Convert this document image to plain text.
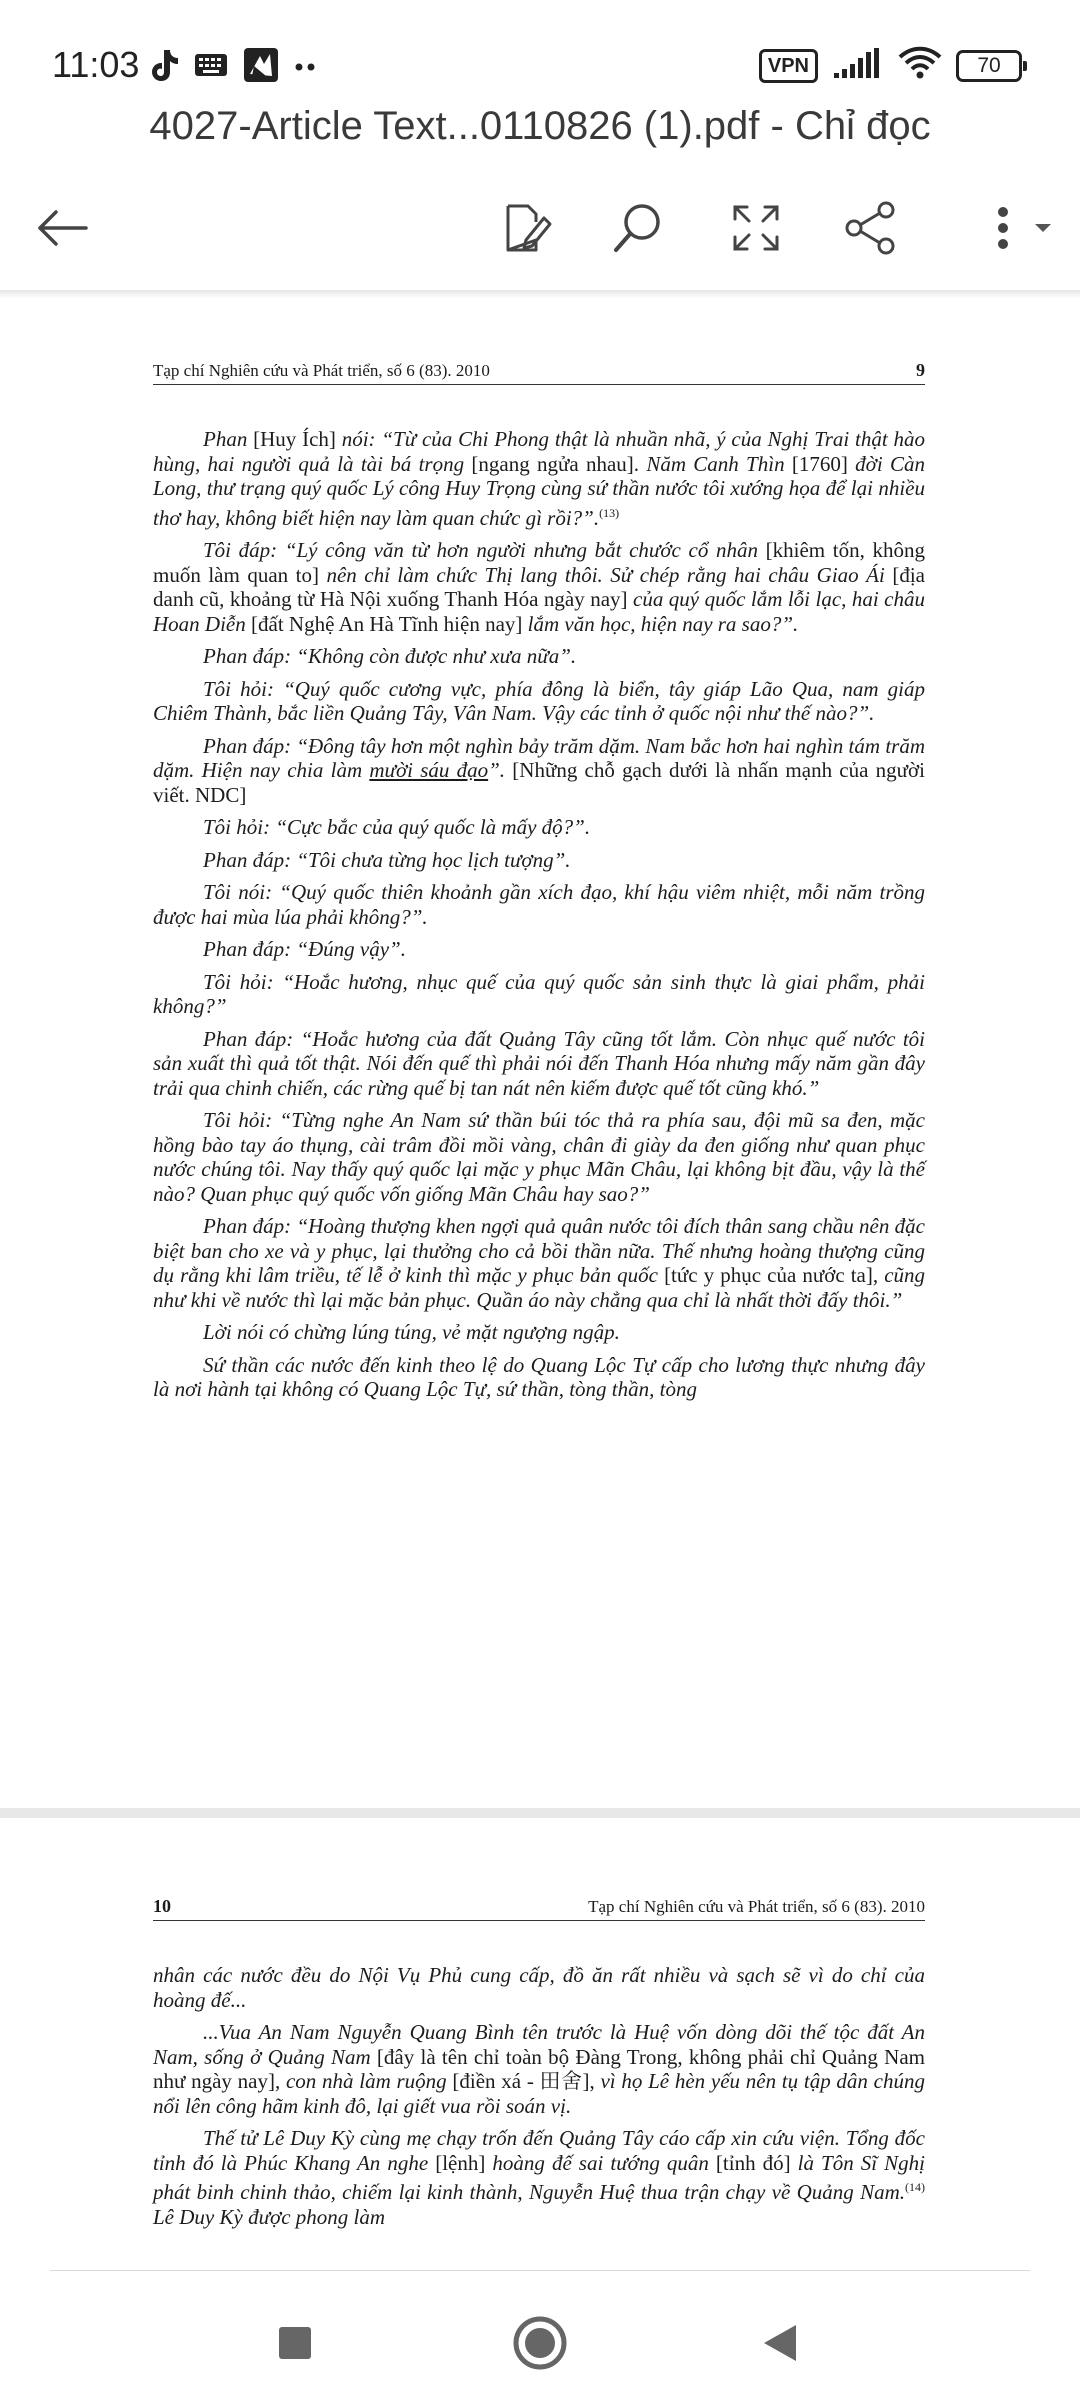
11:03	VPN	70
4027-Article Text...0110826 (1).pdf - Chỉ đọc
Tạp chí Nghiên cứu và Phát triển, số 6 (83). 2010	9

Phan [Huy Ích] nói: “Từ của Chi Phong thật là nhuần nhã, ý của Nghị Trai thật hào hùng, hai người quả là tài bá trọng [ngang ngửa nhau]. Năm Canh Thìn [1760] đời Càn Long, thư trạng quý quốc Lý công Huy Trọng cùng sứ thần nước tôi xướng họa để lại nhiều thơ hay, không biết hiện nay làm quan chức gì rồi?”.$^{(13)}$

Tôi đáp: “Lý công văn từ hơn người nhưng bắt chước cổ nhân [khiêm tốn, không muốn làm quan to] nên chỉ làm chức Thị lang thôi. Sử chép rằng hai châu Giao Ái [địa danh cũ, khoảng từ Hà Nội xuống Thanh Hóa ngày nay] của quý quốc lắm lỗi lạc, hai châu Hoan Diễn [đất Nghệ An Hà Tĩnh hiện nay] lắm văn học, hiện nay ra sao?”.

Phan đáp: “Không còn được như xưa nữa”.

Tôi hỏi: “Quý quốc cương vực, phía đông là biển, tây giáp Lão Qua, nam giáp Chiêm Thành, bắc liền Quảng Tây, Vân Nam. Vậy các tỉnh ở quốc nội như thế nào?”.

Phan đáp: “Đông tây hơn một nghìn bảy trăm dặm. Nam bắc hơn hai nghìn tám trăm dặm. Hiện nay chia làm mười sáu đạo”. [Những chỗ gạch dưới là nhấn mạnh của người viết. NDC]

Tôi hỏi: “Cực bắc của quý quốc là mấy độ?”.

Phan đáp: “Tôi chưa từng học lịch tượng”.

Tôi nói: “Quý quốc thiên khoảnh gần xích đạo, khí hậu viêm nhiệt, mỗi năm trồng được hai mùa lúa phải không?”.

Phan đáp: “Đúng vậy”.

Tôi hỏi: “Hoắc hương, nhục quế của quý quốc sản sinh thực là giai phẩm, phải không?”

Phan đáp: “Hoắc hương của đất Quảng Tây cũng tốt lắm. Còn nhục quế nước tôi sản xuất thì quả tốt thật. Nói đến quế thì phải nói đến Thanh Hóa nhưng mấy năm gần đây trải qua chinh chiến, các rừng quế bị tan nát nên kiếm được quế tốt cũng khó.”

Tôi hỏi: “Từng nghe An Nam sứ thần búi tóc thả ra phía sau, đội mũ sa đen, mặc hồng bào tay áo thụng, cài trâm đồi mồi vàng, chân đi giày da đen giống như quan phục nước chúng tôi. Nay thấy quý quốc lại mặc y phục Mãn Châu, lại không bịt đầu, vậy là thế nào? Quan phục quý quốc vốn giống Mãn Châu hay sao?”

Phan đáp: “Hoàng thượng khen ngợi quả quân nước tôi đích thân sang chầu nên đặc biệt ban cho xe và y phục, lại thưởng cho cả bồi thần nữa. Thế nhưng hoàng thượng cũng dụ rằng khi lâm triều, tế lễ ở kinh thì mặc y phục bản quốc [tức y phục của nước ta], cũng như khi về nước thì lại mặc bản phục. Quần áo này chẳng qua chỉ là nhất thời đấy thôi.”

Lời nói có chừng lúng túng, vẻ mặt ngượng ngập.

Sứ thần các nước đến kinh theo lệ do Quang Lộc Tự cấp cho lương thực nhưng đây là nơi hành tại không có Quang Lộc Tự, sứ thần, tòng thần, tòng

10	Tạp chí Nghiên cứu và Phát triển, số 6 (83). 2010

nhân các nước đều do Nội Vụ Phủ cung cấp, đồ ăn rất nhiều và sạch sẽ vì do chỉ của hoàng đế...

...Vua An Nam Nguyễn Quang Bình tên trước là Huệ vốn dòng dõi thế tộc đất An Nam, sống ở Quảng Nam [đây là tên chỉ toàn bộ Đàng Trong, không phải chỉ Quảng Nam như ngày nay], con nhà làm ruộng [điền xá - 田舍], vì họ Lê hèn yếu nên tụ tập dân chúng nổi lên công hãm kinh đô, lại giết vua rồi soán vị.

Thế tử Lê Duy Kỳ cùng mẹ chạy trốn đến Quảng Tây cáo cấp xin cứu viện. Tổng đốc tỉnh đó là Phúc Khang An nghe [lệnh] hoàng đế sai tướng quân [tỉnh đó] là Tôn Sĩ Nghị phát binh chinh thảo, chiếm lại kinh thành, Nguyễn Huệ thua trận chạy về Quảng Nam.$^{(14)}$ Lê Duy Kỳ được phong làm
